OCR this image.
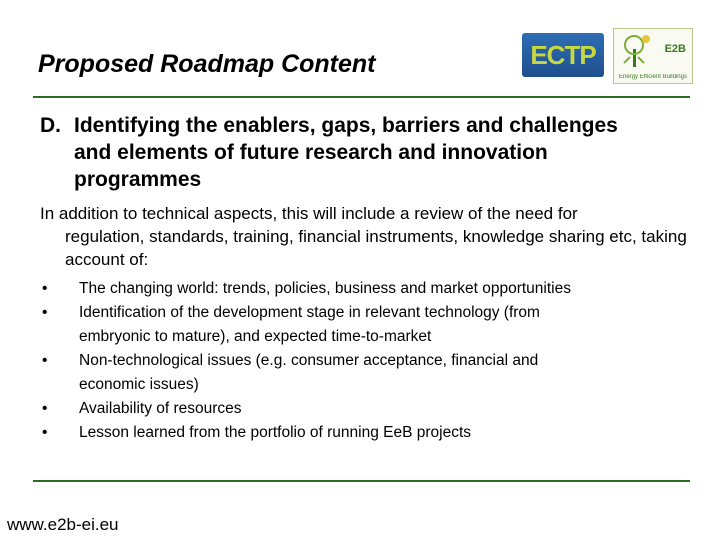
Proposed Roadmap Content	ECTP	E2B
Energy Efficient Buildings
D. Identifying the enablers, gaps, barriers and challenges and elements of future research and innovation programmes
In addition to technical aspects, this will include a review of the need for
regulation, standards, training, financial instruments, knowledge sharing etc, taking account of:
• The changing world: trends, policies, business and market opportunities
• Identification of the development stage in relevant technology (from
embryonic to mature), and expected time-to-market
• Non-technological issues (e.g. consumer acceptance, financial and
economic issues)
• Availability of resources
• Lesson learned from the portfolio of running EeB projects
www.e2b-ei.eu
